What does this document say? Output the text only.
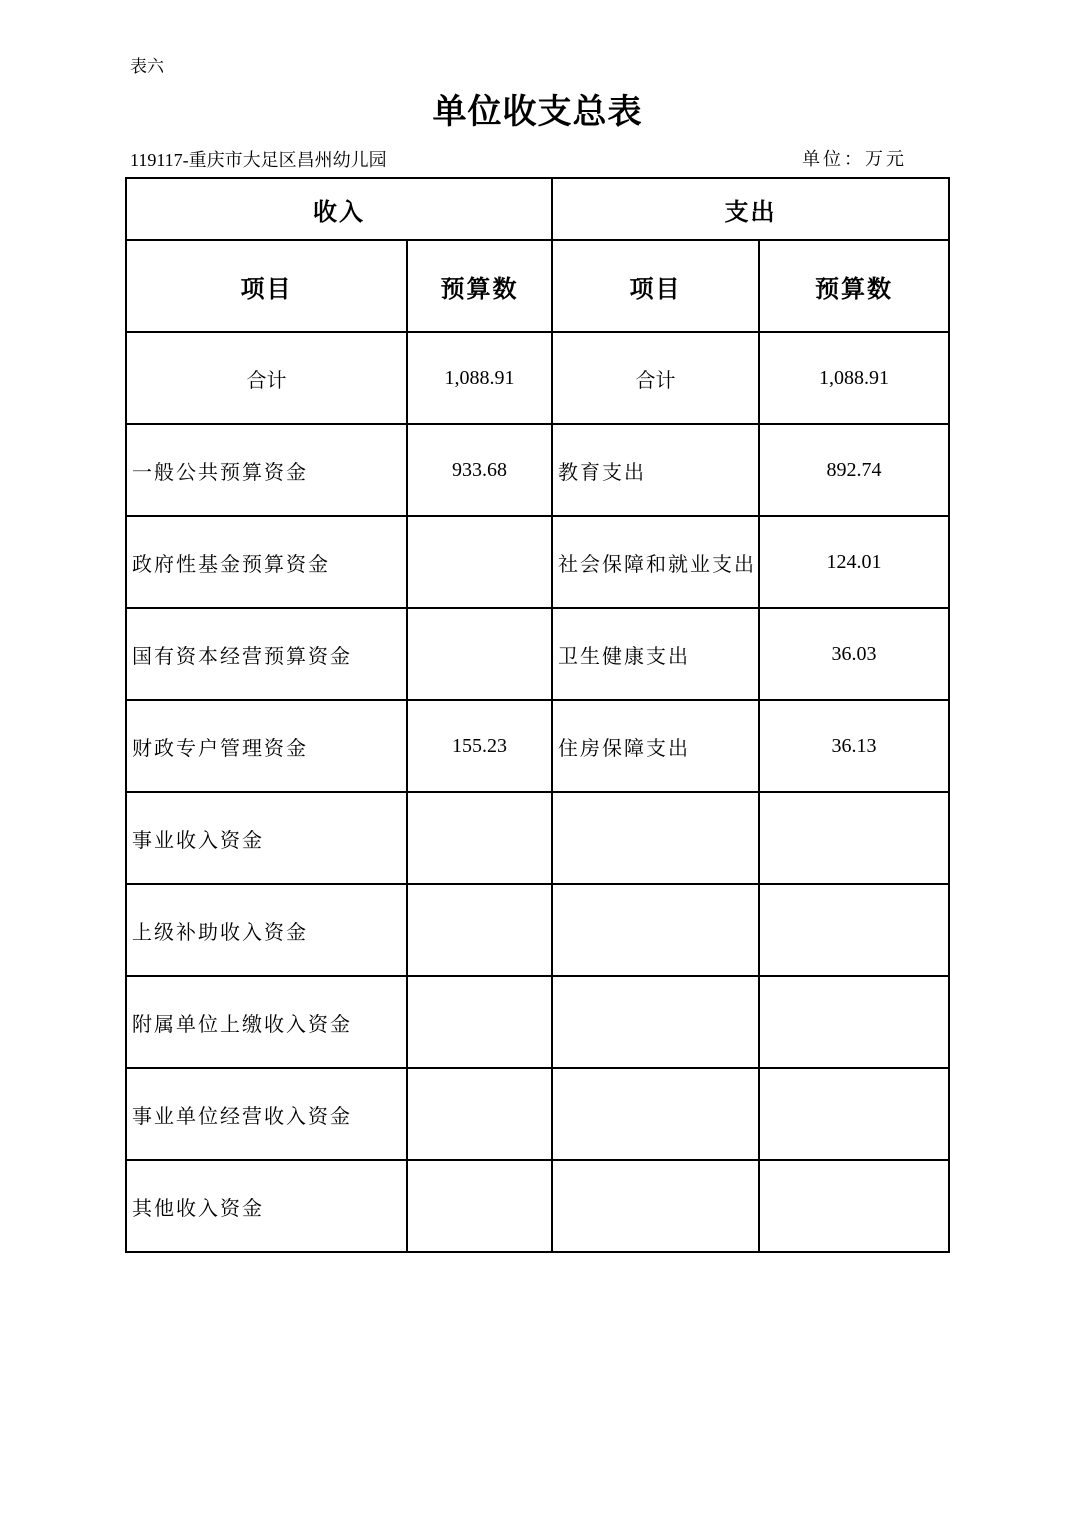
表六
单位收支总表
119117-重庆市大足区昌州幼儿园	单位：万元
收入		支出	
项目	预算数	项目	预算数
合计	1,088.91	合计	1,088.91
一般公共预算资金	933.68	教育支出	892.74
政府性基金预算资金		社会保障和就业支出	124.01
国有资本经营预算资金		卫生健康支出	36.03
财政专户管理资金	155.23	住房保障支出	36.13
事业收入资金			
上级补助收入资金			
附属单位上缴收入资金			
事业单位经营收入资金			
其他收入资金			
